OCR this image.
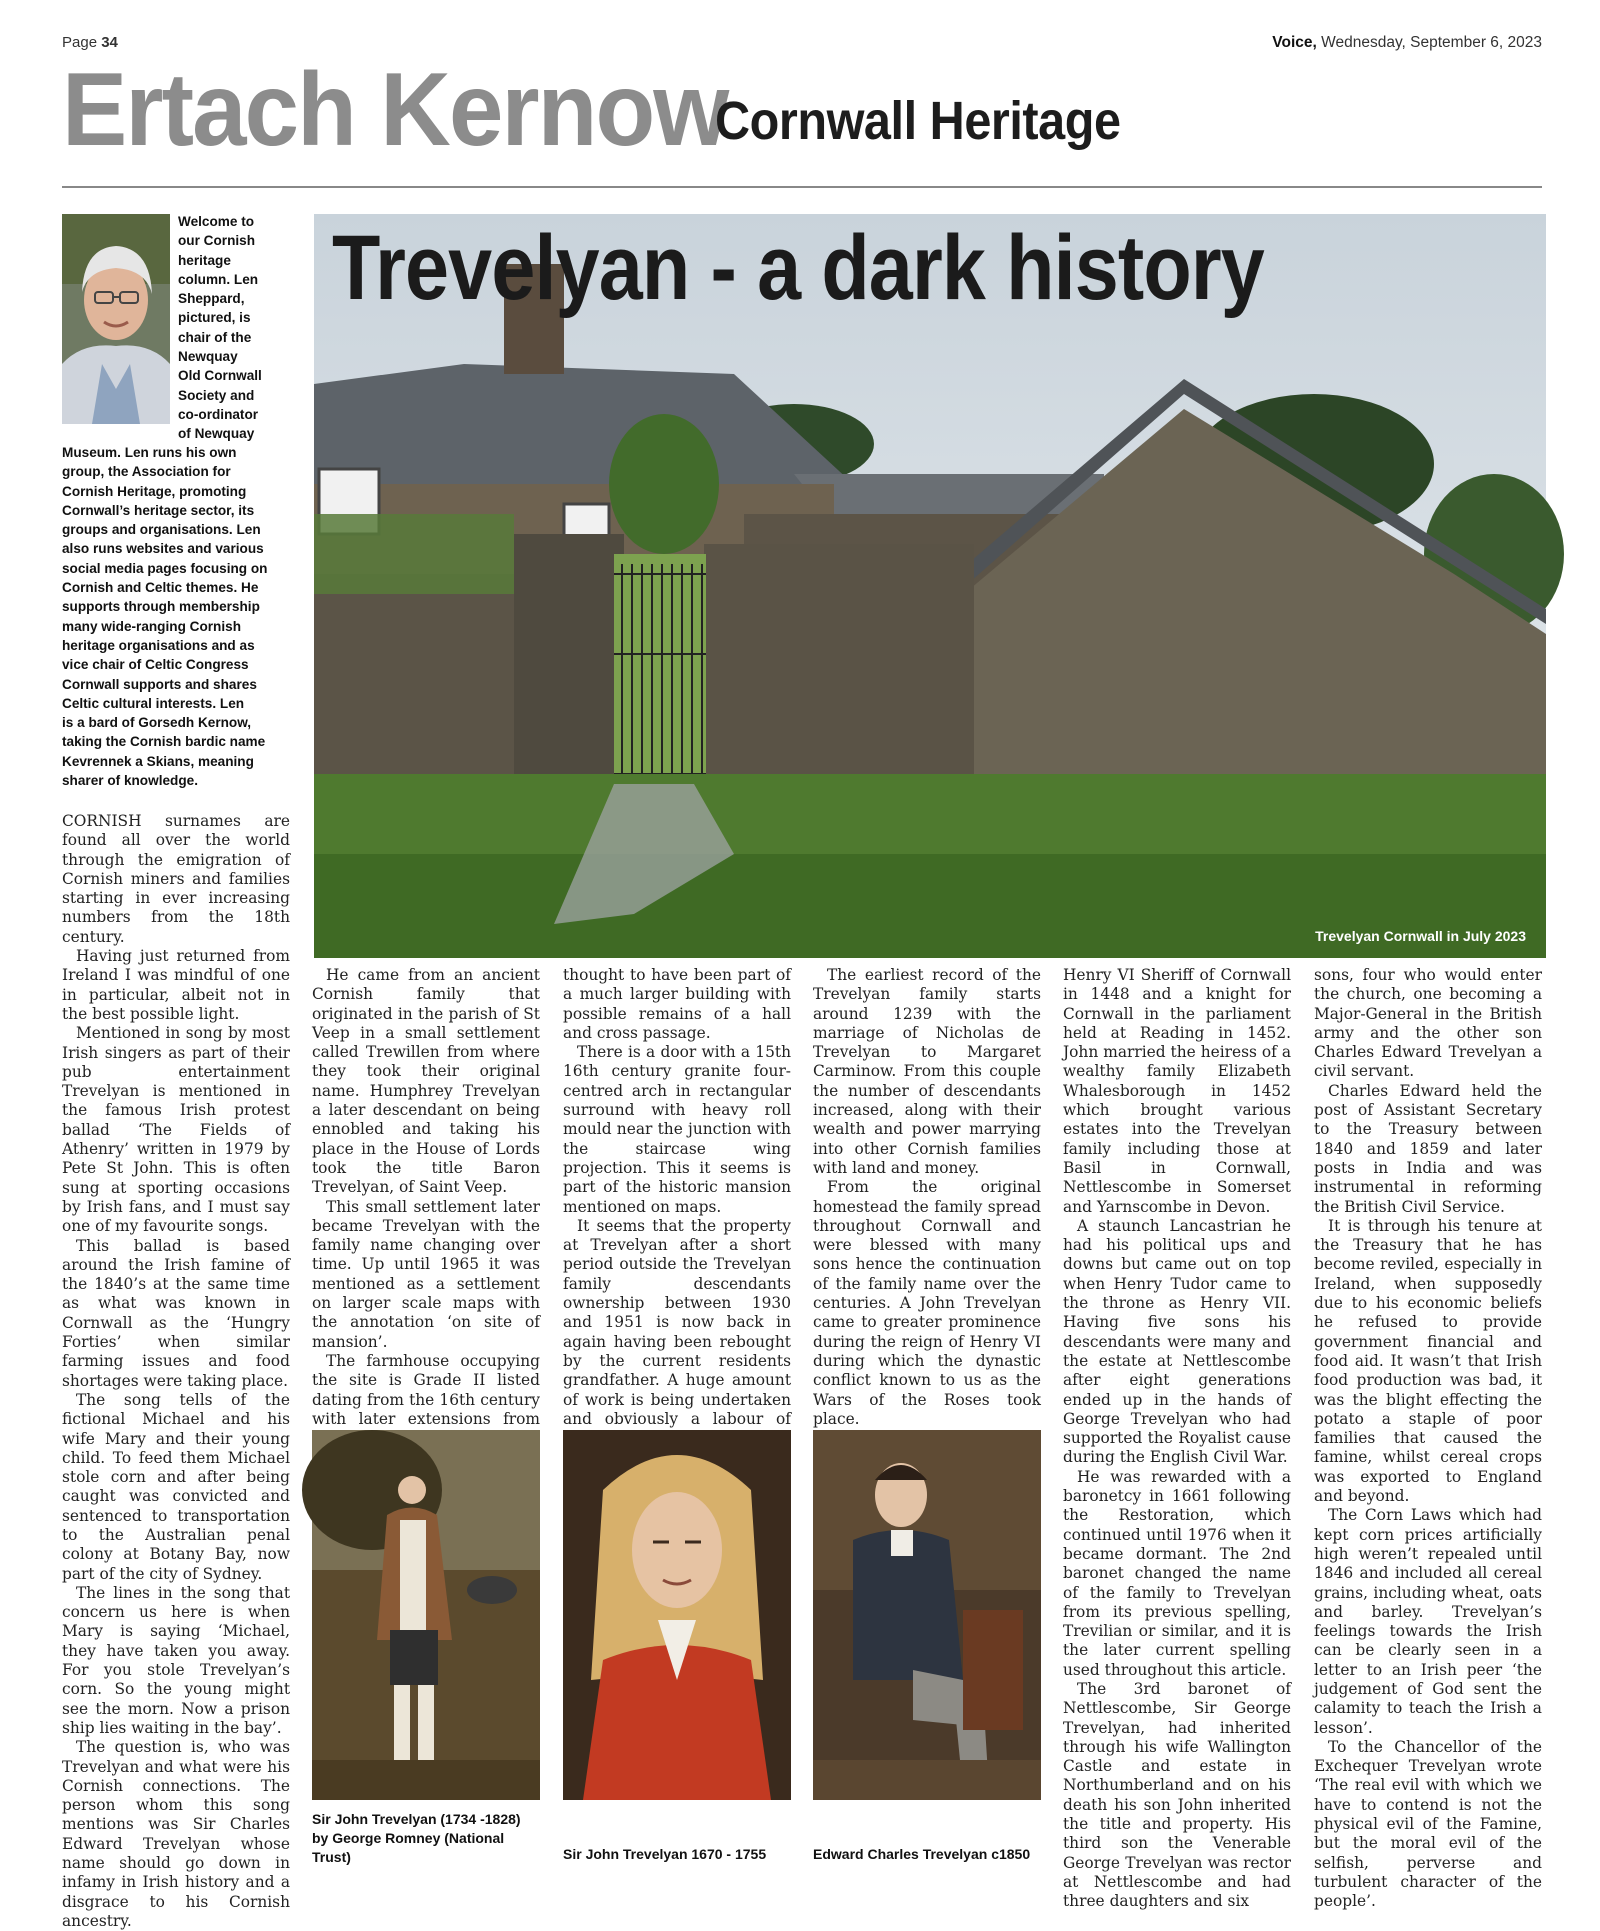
Page 34	Voice, Wednesday, September 6, 2023
Ertach Kernow
Cornwall Heritage
Welcome to
our Cornish
heritage
column. Len
Sheppard,
pictured, is
chair of the
Newquay
Old Cornwall
Society and
co-ordinator
of Newquay
Museum. Len runs his own
group, the Association for
Cornish Heritage, promoting
Cornwall’s heritage sector, its
groups and organisations. Len
also runs websites and various
social media pages focusing on
Cornish and Celtic themes. He
supports through membership
many wide-ranging Cornish
heritage organisations and as
vice chair of Celtic Congress
Cornwall supports and shares
Celtic cultural interests. Len
is a bard of Gorsedh Kernow,
taking the Cornish bardic name
Kevrennek a Skians, meaning
sharer of knowledge.
Trevelyan - a dark history
Trevelyan Cornwall in July 2023

CORNISH surnames are found all over the world through the emigration of Cornish miners and families starting in ever increasing numbers from the 18th century.

Having just returned from Ireland I was mindful of one in particular, albeit not in the best possible light.

Mentioned in song by most Irish singers as part of their pub entertainment Trevelyan is mentioned in the famous Irish protest ballad ‘The Fields of Athenry’ written in 1979 by Pete St John. This is often sung at sporting occasions by Irish fans, and I must say one of my favourite songs.

This ballad is based around the Irish famine of the 1840’s at the same time as what was known in Cornwall as the ‘Hungry Forties’ when similar farming issues and food shortages were taking place.

The song tells of the fictional Michael and his wife Mary and their young child. To feed them Michael stole corn and after being caught was convicted and sentenced to transportation to the Australian penal colony at Botany Bay, now part of the city of Sydney.

The lines in the song that concern us here is when Mary is saying ‘Michael, they have taken you away. For you stole Trevelyan’s corn. So the young might see the morn. Now a prison ship lies waiting in the bay’.

The question is, who was Trevelyan and what were his Cornish connections. The person whom this song mentions was Sir Charles Edward Trevelyan whose name should go down in infamy in Irish history and a disgrace to his Cornish ancestry.

He came from an ancient Cornish family that originated in the parish of St Veep in a small settlement called Trewillen from where they took their original name. Humphrey Trevelyan a later descendant on being ennobled and taking his place in the House of Lords took the title Baron Trevelyan, of Saint Veep.

This small settlement later became Trevelyan with the family name changing over time. Up until 1965 it was mentioned as a settlement on larger scale maps with the annotation ‘on site of mansion’.

The farmhouse occupying the site is Grade II listed dating from the 16th century with later extensions from

thought to have been part of a much larger building with possible remains of a hall and cross passage.

There is a door with a 15th 16th century granite four-centred arch in rectangular surround with heavy roll mould near the junction with the staircase wing projection. This it seems is part of the historic mansion mentioned on maps.

It seems that the property at Trevelyan after a short period outside the Trevelyan family descendants ownership between 1930 and 1951 is now back in again having been rebought by the current residents grandfather. A huge amount of work is being undertaken and obviously a labour of

The earliest record of the Trevelyan family starts around 1239 with the marriage of Nicholas de Trevelyan to Margaret Carminow. From this couple the number of descendants increased, along with their wealth and power marrying into other Cornish families with land and money.

From the original homestead the family spread throughout Cornwall and were blessed with many sons hence the continuation of the family name over the centuries. A John Trevelyan came to greater prominence during the reign of Henry VI during which the dynastic conflict known to us as the Wars of the Roses took place.

Henry VI Sheriff of Cornwall in 1448 and a knight for Cornwall in the parliament held at Reading in 1452. John married the heiress of a wealthy family Elizabeth Whalesborough in 1452 which brought various estates into the Trevelyan family including those at Basil in Cornwall, Nettlescombe in Somerset and Yarnscombe in Devon.

A staunch Lancastrian he had his political ups and downs but came out on top when Henry Tudor came to the throne as Henry VII. Having five sons his descendants were many and the estate at Nettlescombe after eight generations ended up in the hands of George Trevelyan who had supported the Royalist cause during the English Civil War.

He was rewarded with a baronetcy in 1661 following the Restoration, which continued until 1976 when it became dormant. The 2nd baronet changed the name of the family to Trevelyan from its previous spelling, Trevilian or similar, and it is the later current spelling used throughout this article.

The 3rd baronet of Nettlescombe, Sir George Trevelyan, had inherited through his wife Wallington Castle and estate in Northumberland and on his death his son John inherited the title and property. His third son the Venerable George Trevelyan was rector at Nettlescombe and had three daughters and six

sons, four who would enter the church, one becoming a Major-General in the British army and the other son Charles Edward Trevelyan a civil servant.

Charles Edward held the post of Assistant Secretary to the Treasury between 1840 and 1859 and later posts in India and was instrumental in reforming the British Civil Service.

It is through his tenure at the Treasury that he has become reviled, especially in Ireland, when supposedly due to his economic beliefs he refused to provide government financial and food aid. It wasn’t that Irish food production was bad, it was the blight effecting the potato a staple of poor families that caused the famine, whilst cereal crops was exported to England and beyond.

The Corn Laws which had kept corn prices artificially high weren’t repealed until 1846 and included all cereal grains, including wheat, oats and barley. Trevelyan’s feelings towards the Irish can be clearly seen in a letter to an Irish peer ‘the judgement of God sent the calamity to teach the Irish a lesson’.

To the Chancellor of the Exchequer Trevelyan wrote ‘The real evil with which we have to contend is not the physical evil of the Famine, but the moral evil of the selfish, perverse and turbulent character of the people’.

Sir John Trevelyan (1734 -1828) by George Romney (National Trust)	Sir John Trevelyan 1670 - 1755	Edward Charles Trevelyan c1850
